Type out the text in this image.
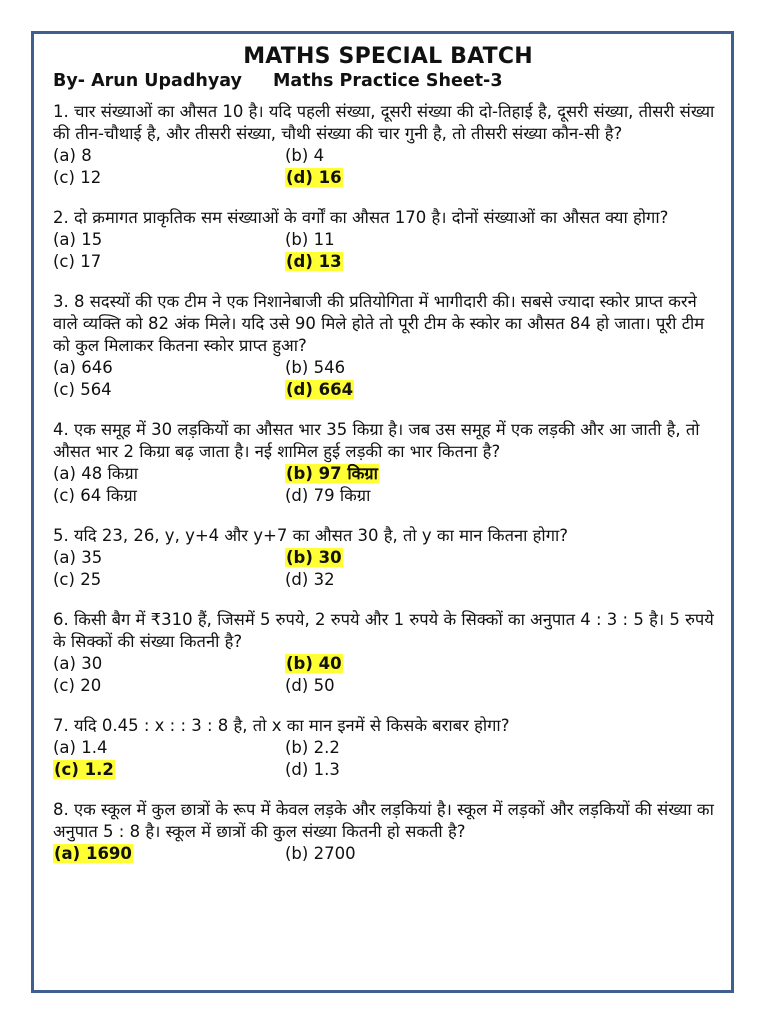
MATHS SPECIAL BATCH
By- Arun Upadhyay	Maths Practice Sheet-3
1. चार संख्याओं का औसत 10 है। यदि पहली संख्या, दूसरी संख्या की दो-तिहाई है, दूसरी संख्या, तीसरी संख्या की तीन-चौथाई है, और तीसरी संख्या, चौथी संख्या की चार गुनी है, तो तीसरी संख्या कौन-सी है?
(a) 8	(b) 4
(c) 12	(d) 16
2. दो क्रमागत प्राकृतिक सम संख्याओं के वर्गों का औसत 170 है। दोनों संख्याओं का औसत क्या होगा?
(a) 15	(b) 11
(c) 17	(d) 13
3. 8 सदस्यों की एक टीम ने एक निशानेबाजी की प्रतियोगिता में भागीदारी की। सबसे ज्यादा स्कोर प्राप्त करने वाले व्यक्ति को 82 अंक मिले। यदि उसे 90 मिले होते तो पूरी टीम के स्कोर का औसत 84 हो जाता। पूरी टीम को कुल मिलाकर कितना स्कोर प्राप्त हुआ?
(a) 646	(b) 546
(c) 564	(d) 664
4. एक समूह में 30 लड़कियों का औसत भार 35 किग्रा है। जब उस समूह में एक लड़की और आ जाती है, तो औसत भार 2 किग्रा बढ़ जाता है। नई शामिल हुई लड़की का भार कितना है?
(a) 48 किग्रा	(b) 97 किग्रा
(c) 64 किग्रा	(d) 79 किग्रा
5. यदि 23, 26, y, y+4 और y+7 का औसत 30 है, तो y का मान कितना होगा?
(a) 35	(b) 30
(c) 25	(d) 32
6. किसी बैग में ₹310 हैं, जिसमें 5 रुपये, 2 रुपये और 1 रुपये के सिक्कों का अनुपात 4 : 3 : 5 है। 5 रुपये के सिक्कों की संख्या कितनी है?
(a) 30	(b) 40
(c) 20	(d) 50
7. यदि 0.45 : x : : 3 : 8 है, तो x का मान इनमें से किसके बराबर होगा?
(a) 1.4	(b) 2.2
(c) 1.2	(d) 1.3
8. एक स्कूल में कुल छात्रों के रूप में केवल लड़के और लड़कियां है। स्कूल में लड़कों और लड़कियों की संख्या का अनुपात 5 : 8 है। स्कूल में छात्रों की कुल संख्या कितनी हो सकती है?
(a) 1690	(b) 2700
